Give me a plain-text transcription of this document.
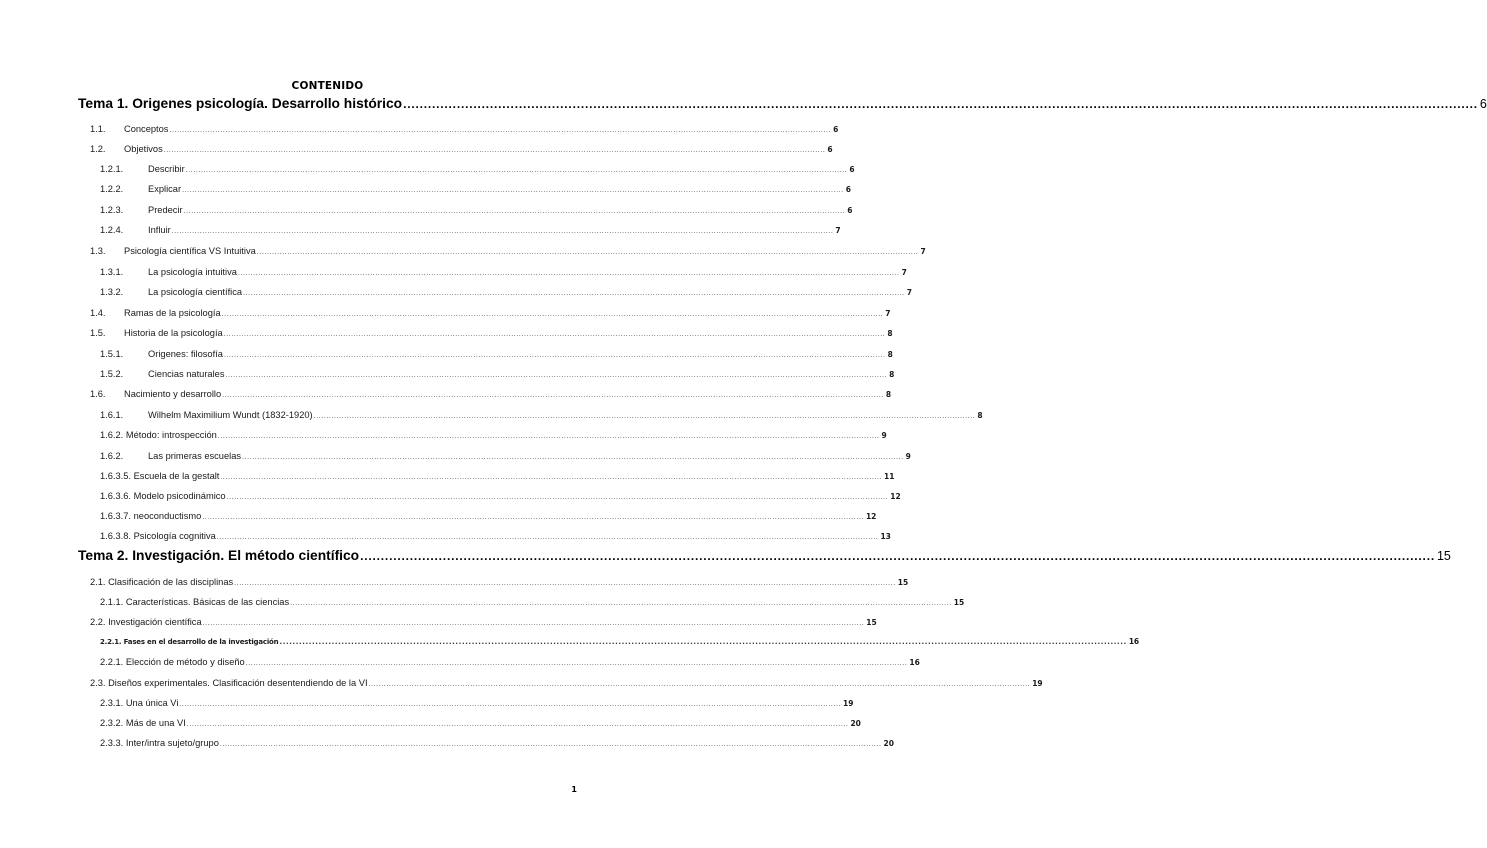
CONTENIDO
Tema 1. Origenes psicología. Desarrollo histórico .................................................................................................................................................................................................................................................................... 6
1.1.	Conceptos .................................................................................................................................................................................................................................................................... 6
1.2.	Objetivos .................................................................................................................................................................................................................................................................... 6
1.2.1.	Describir .................................................................................................................................................................................................................................................................... 6
1.2.2.	Explicar .................................................................................................................................................................................................................................................................... 6
1.2.3.	Predecir .................................................................................................................................................................................................................................................................... 6
1.2.4.	Influir .................................................................................................................................................................................................................................................................... 7
1.3.	Psicología científica VS Intuitiva .................................................................................................................................................................................................................................................................... 7
1.3.1.	La psicología intuitiva .................................................................................................................................................................................................................................................................... 7
1.3.2.	La psicología científica .................................................................................................................................................................................................................................................................... 7
1.4.	Ramas de la psicología .................................................................................................................................................................................................................................................................... 7
1.5.	Historia de la psicología .................................................................................................................................................................................................................................................................... 8
1.5.1.	Origenes: filosofía .................................................................................................................................................................................................................................................................... 8
1.5.2.	Ciencias naturales .................................................................................................................................................................................................................................................................... 8
1.6.	Nacimiento y desarrollo .................................................................................................................................................................................................................................................................... 8
1.6.1.	Wilhelm Maximilium Wundt (1832-1920) .................................................................................................................................................................................................................................................................... 8
1.6.2. Método: introspección .................................................................................................................................................................................................................................................................... 9
1.6.2.	Las primeras escuelas .................................................................................................................................................................................................................................................................... 9
1.6.3.5. Escuela de la gestalt .................................................................................................................................................................................................................................................................... 11
1.6.3.6. Modelo psicodinámico .................................................................................................................................................................................................................................................................... 12
1.6.3.7. neoconductismo .................................................................................................................................................................................................................................................................... 12
1.6.3.8. Psicología cognitiva .................................................................................................................................................................................................................................................................... 13
Tema 2. Investigación. El método científico .................................................................................................................................................................................................................................................................... 15
2.1. Clasificación de las disciplinas .................................................................................................................................................................................................................................................................... 15
2.1.1. Características. Básicas de las ciencias .................................................................................................................................................................................................................................................................... 15
2.2. Investigación científica .................................................................................................................................................................................................................................................................... 15
2.2.1. Fases en el desarrollo de la investigación .................................................................................................................................................................................................................................................................... 16
2.2.1. Elección de método y diseño .................................................................................................................................................................................................................................................................... 16
2.3. Diseños experimentales. Clasificación desentendiendo de la VI .................................................................................................................................................................................................................................................................... 19
2.3.1. Una única Vi .................................................................................................................................................................................................................................................................... 19
2.3.2. Más de una VI .................................................................................................................................................................................................................................................................... 20
2.3.3. Inter/intra sujeto/grupo .................................................................................................................................................................................................................................................................... 20
1
